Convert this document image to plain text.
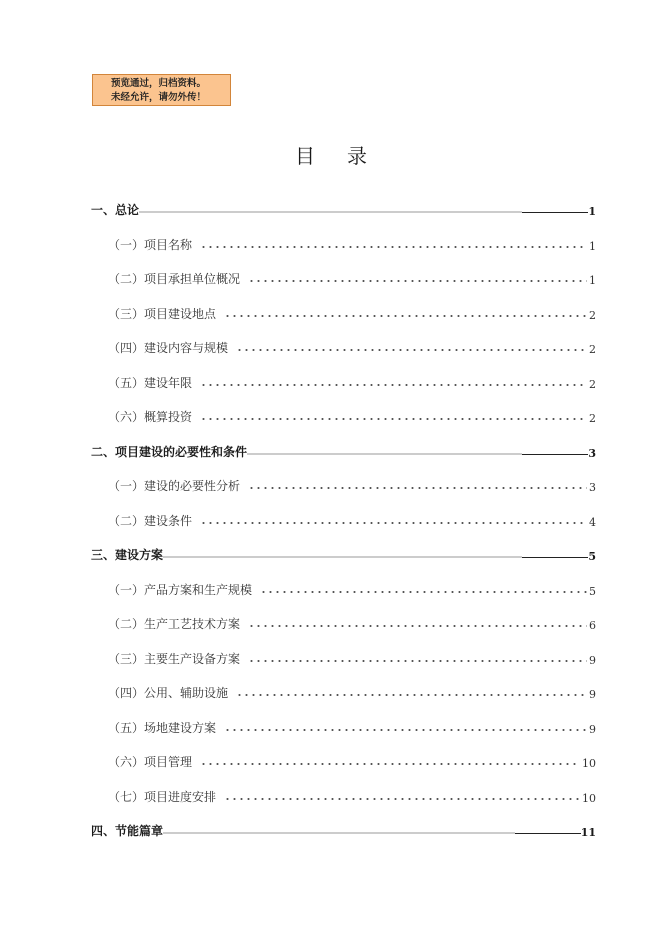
预览通过，归档资料。
未经允许，请勿外传！
目录
一、总论	1
（一）项目名称	1
（二）项目承担单位概况	1
（三）项目建设地点	2
（四）建设内容与规模	2
（五）建设年限	2
（六）概算投资	2
二、项目建设的必要性和条件	3
（一）建设的必要性分析	3
（二）建设条件	4
三、建设方案	5
（一）产品方案和生产规模	5
（二）生产工艺技术方案	6
（三）主要生产设备方案	9
（四）公用、辅助设施	9
（五）场地建设方案	9
（六）项目管理	10
（七）项目进度安排	10
四、节能篇章	11
